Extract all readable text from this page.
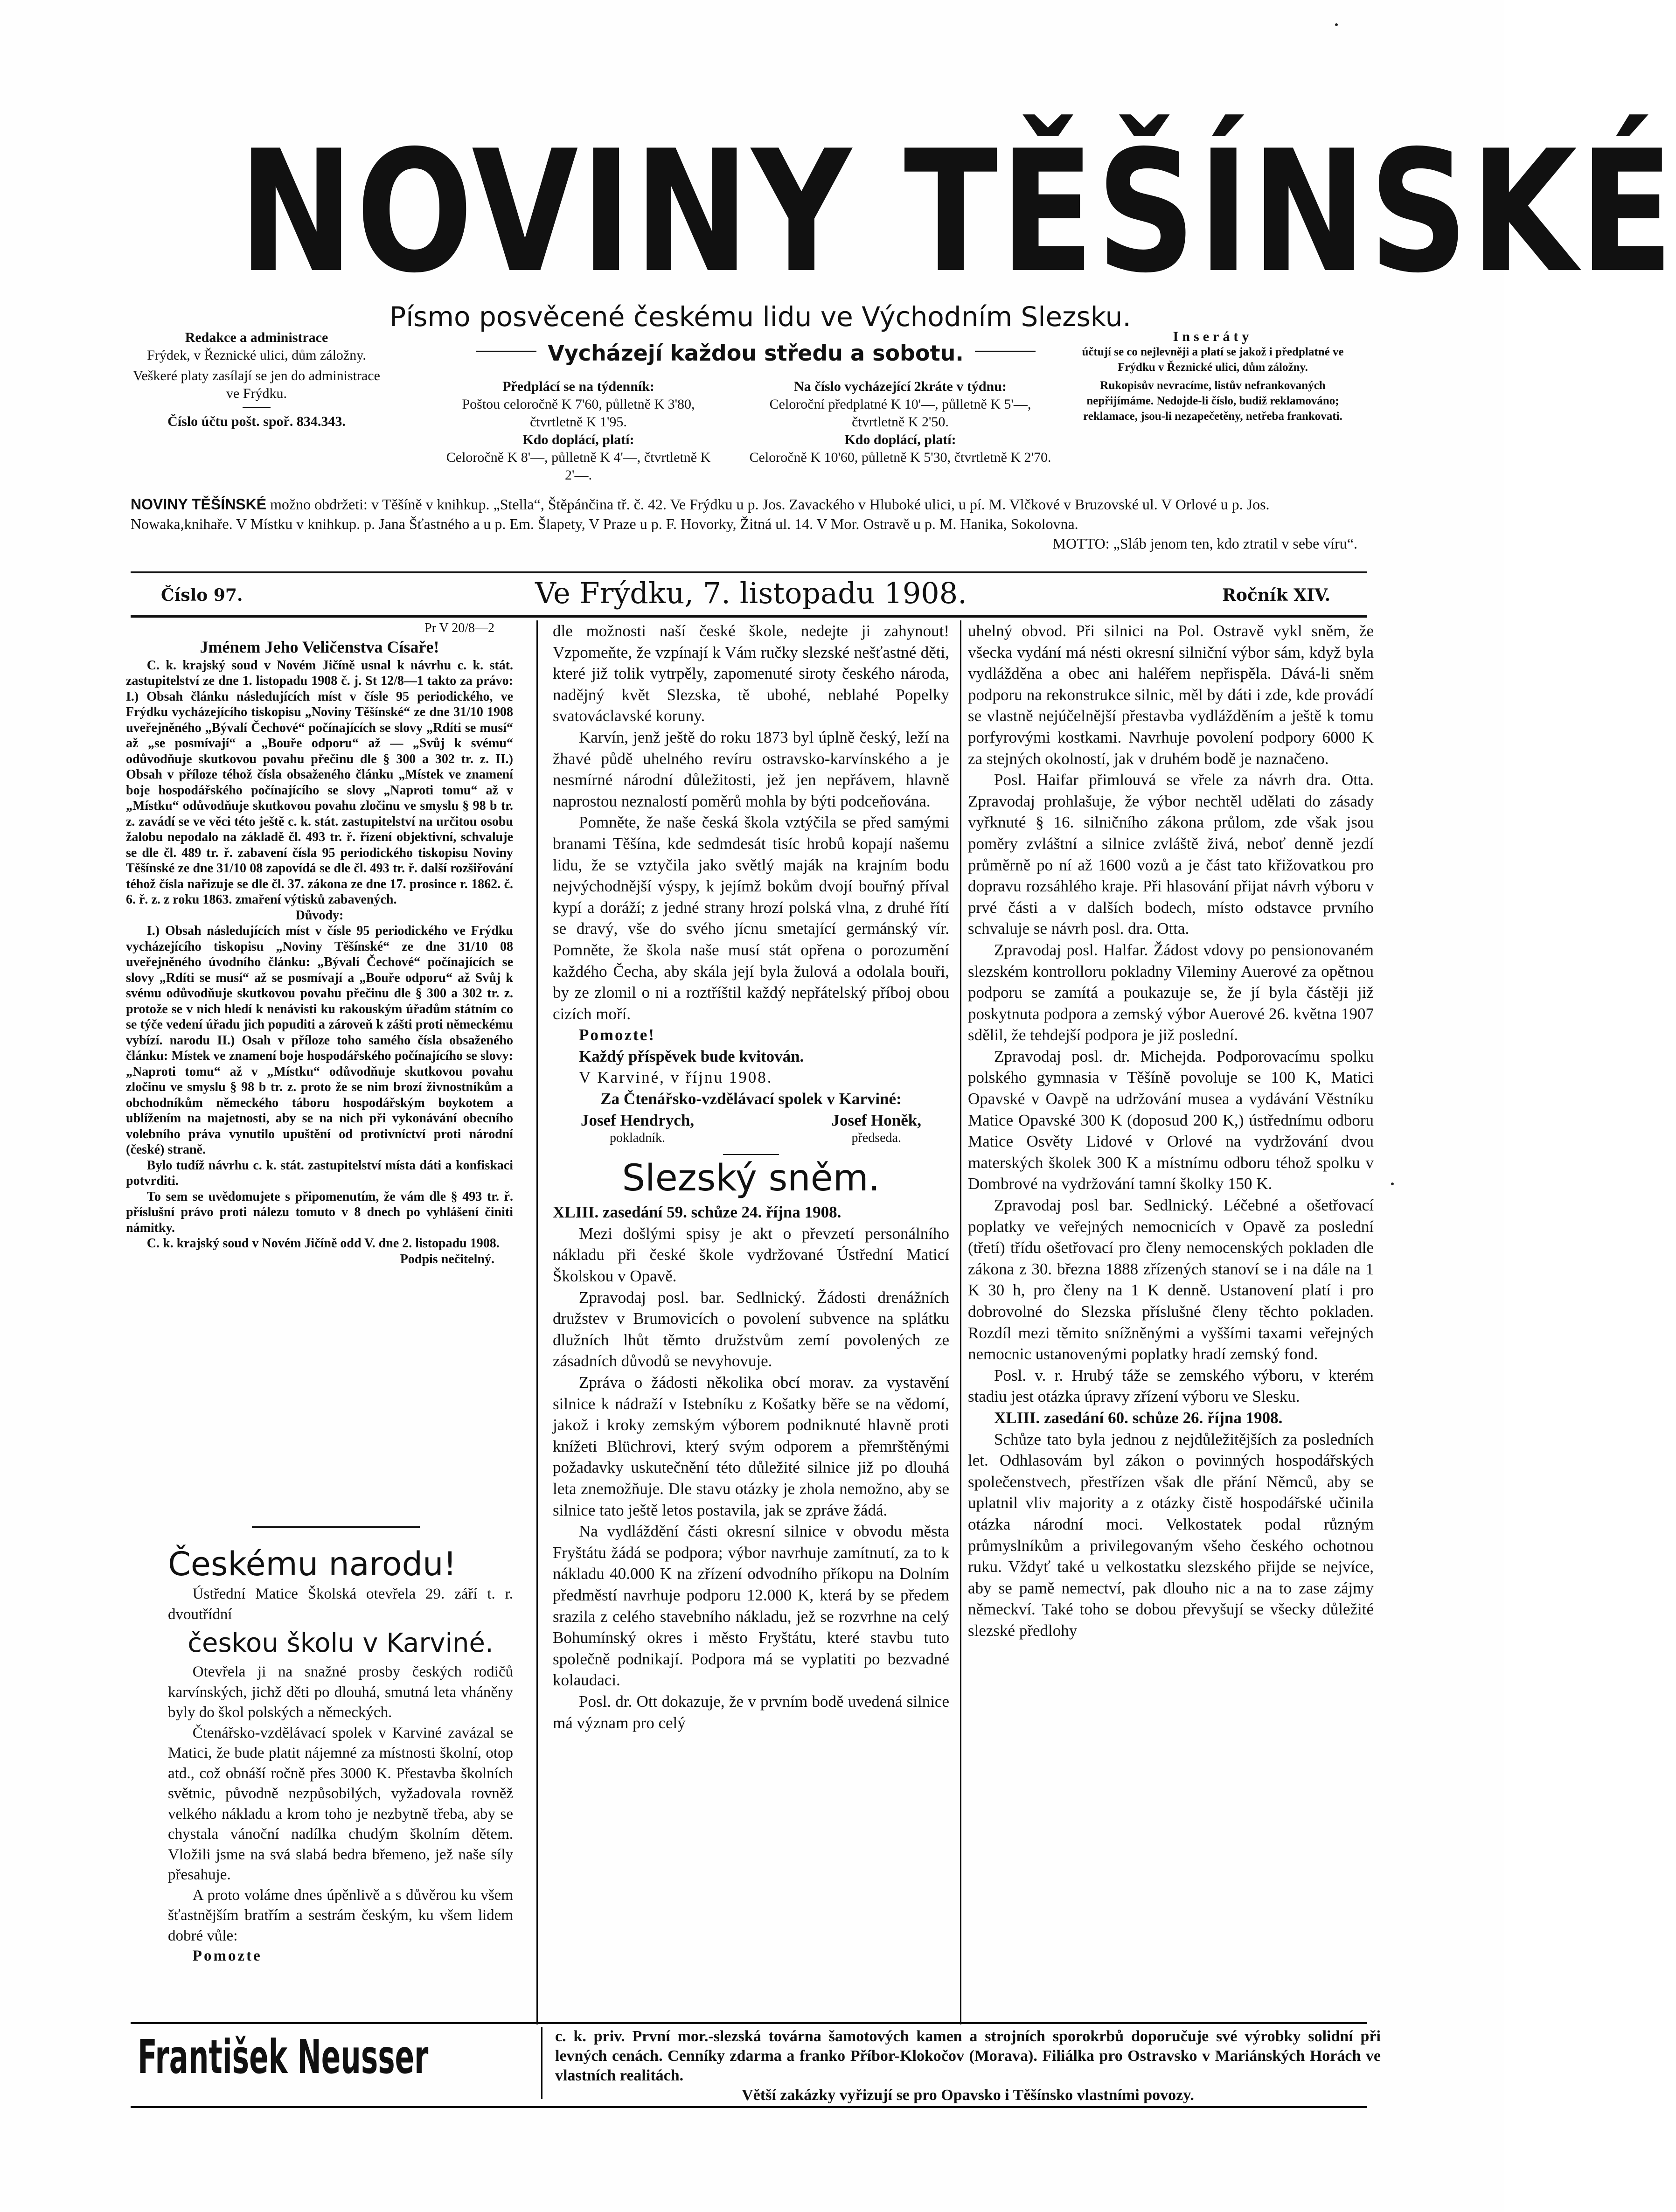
NOVINY TĚŠÍNSKÉ
Písmo posvěcené českému lidu ve Východním Slezsku.
Vycházejí každou středu a sobotu.
Redakce a administrace
Frýdek, v Řeznické ulici, dům záložny.
Veškeré platy zasílají se jen do administrace ve Frýdku.
Číslo účtu pošt. spoř. 834.343.
Předplácí se na týdenník:
Poštou celoročně K 7'60, půlletně K 3'80, čtvrtletně K 1'95.
Kdo doplácí, platí:
Celoročně K 8'—, půlletně K 4'—, čtvrtletně K 2'—.
Na číslo vycházející 2kráte v týdnu:
Celoroční předplatné K 10'—, půlletně K 5'—, čtvrtletně K 2'50.
Kdo doplácí, platí:
Celoročně K 10'60, půlletně K 5'30, čtvrtletně K 2'70.
Inseráty
účtují se co nejlevněji a platí se jakož i předplatné ve Frýdku v Řeznické ulici, dům záložny.
Rukopisův nevracíme, listův nefrankovaných nepřijímáme. Nedojde-li číslo, budiž reklamováno; reklamace, jsou-li nezapečetěny, netřeba frankovati.
NOVINY TĚŠÍNSKÉ možno obdržeti: v Těšíně v knihkup. „Stella“, Štěpánčina tř. č. 42. Ve Frýdku u p. Jos. Zavackého v Hluboké ulici, u pí. M. Vlčkové v Bruzovské ul. V Orlové u p. Jos. Nowaka,knihaře. V Místku v knihkup. p. Jana Šťastného a u p. Em. Šlapety, V Praze u p. F. Hovorky, Žitná ul. 14. V Mor. Ostravě u p. M. Hanika, Sokolovna.
MOTTO: „Sláb jenom ten, kdo ztratil v sebe víru“.
Číslo 97.	Ve Frýdku, 7. listopadu 1908.	Ročník XIV.

Pr V 20/8—2

Jménem Jeho Veličenstva Císaře!

C. k. krajský soud v Novém Jičíně usnal k návrhu c. k. stát. zastupitelství ze dne 1. listopadu 1908 č. j. St 12/8—1 takto za právo: I.) Obsah článku následujících míst v čísle 95 periodického, ve Frýdku vycházejícího tiskopisu „Noviny Těšínské“ ze dne 31/10 1908 uveřejněného „Bývalí Čechové“ počínajících se slovy „Rdíti se musí“ až „se posmívají“ a „Bouře odporu“ až — „Svůj k svému“ odůvodňuje skutkovou povahu přečinu dle § 300 a 302 tr. z. II.) Obsah v příloze téhož čísla obsaženého článku „Místek ve znamení boje hospodářského počínajícího se slovy „Naproti tomu“ až v „Místku“ odůvodňuje skutkovou povahu zločinu ve smyslu § 98 b tr. z. zavádí se ve věci této ještě c. k. stát. zastupitelství na určitou osobu žalobu nepodalo na základě čl. 493 tr. ř. řízení objektivní, schvaluje se dle čl. 489 tr. ř. zabavení čísla 95 periodického tiskopisu Noviny Těšínské ze dne 31/10 08 zapovídá se dle čl. 493 tr. ř. další rozšiřování téhož čísla nařizuje se dle čl. 37. zákona ze dne 17. prosince r. 1862. č. 6. ř. z. z roku 1863. zmaření výtisků zabavených.

Důvody:

I.) Obsah následujících míst v čísle 95 periodického ve Frýdku vycházejícího tiskopisu „Noviny Těšínské“ ze dne 31/10 08 uveřejněného úvodního článku: „Bývalí Čechové“ počínajících se slovy „Rdíti se musí“ až se posmívají a „Bouře odporu“ až Svůj k svému odůvodňuje skutkovou povahu přečinu dle § 300 a 302 tr. z. protože se v nich hledí k nenávisti ku rakouským úřadům státním co se týče vedení úřadu jich popuditi a zároveň k zášti proti německému vybízí. narodu II.) Osah v příloze toho samého čísla obsaženého článku: Místek ve znamení boje hospodářského počínajícího se slovy: „Naproti tomu“ až v „Místku“ odůvodňuje skutkovou povahu zločinu ve smyslu § 98 b tr. z. proto že se nim brozí živnostníkům a obchodníkům německého táboru hospodářským boykotem a ublížením na majetnosti, aby se na nich při vykonávání obecního volebního práva vynutilo upuštění od protivníctví proti národní (české) straně.

Bylo tudíž návrhu c. k. stát. zastupitelství místa dáti a konfiskaci potvrditi.

To sem se uvědomujete s připomenutím, že vám dle § 493 tr. ř. příslušní právo proti nálezu tomuto v 8 dnech po vyhlášení činiti námitky.

C. k. krajský soud v Novém Jičíně odd V. dne 2. listopadu 1908.

Podpis nečitelný.

Českému narodu!

Ústřední Matice Školská otevřela 29. září t. r. dvoutřídní

českou školu v Karviné.

Otevřela ji na snažné prosby českých rodičů karvínských, jichž děti po dlouhá, smutná leta vháněny byly do škol polských a německých.

Čtenářsko-vzdělávací spolek v Karviné zavázal se Matici, že bude platit nájemné za místnosti školní, otop atd., což obnáší ročně přes 3000 K. Přestavba školních světnic, původně nezpůsobilých, vyžadovala rovněž velkého nákladu a krom toho je nezbytně třeba, aby se chystala vánoční nadílka chudým školním dětem. Vložili jsme na svá slabá bedra břemeno, jež naše síly přesahuje.

A proto voláme dnes úpěnlivě a s důvěrou ku všem šťastnějším bratřím a sestrám českým, ku všem lidem dobré vůle:

Pomozte

dle možnosti naší české škole, nedejte ji zahynout! Vzpomeňte, že vzpínají k Vám ručky slezské nešťastné děti, které již tolik vytrpěly, zapomenuté siroty českého národa, nadějný květ Slezska, tě ubohé, neblahé Popelky svatováclavské koruny.

Karvín, jenž ještě do roku 1873 byl úplně český, leží na žhavé půdě uhelného revíru ostravsko-karvínského a je nesmírné národní důležitosti, jež jen nepřávem, hlavně naprostou neznalostí poměrů mohla by býti podceňována.

Pomněte, že naše česká škola vztýčila se před samými branami Těšína, kde sedmdesát tisíc hrobů kopají našemu lidu, že se vztyčila jako světlý maják na krajním bodu nejvýchodnější výspy, k jejímž bokům dvojí bouřný příval kypí a doráží; z jedné strany hrozí polská vlna, z druhé řítí se dravý, vše do svého jícnu smetající germánský vír. Pomněte, že škola naše musí stát opřena o porozumění každého Čecha, aby skála její byla žulová a odolala bouři, by ze zlomil o ni a roztříštil každý nepřátelský příboj obou cizích moří.

Pomozte!

Každý příspěvek bude kvitován.

V Karviné, v říjnu 1908.

Za Čtenářsko-vzdělávací spolek v Karviné:

Josef Hendrych,
pokladník.
Josef Honěk,
předseda.

Slezský sněm.

XLIII. zasedání 59. schůze 24. října 1908.

Mezi došlými spisy je akt o převzetí personálního nákladu při české škole vydržované Ústřední Maticí Školskou v Opavě.

Zpravodaj posl. bar. Sedlnický. Žádosti drenážních družstev v Brumovicích o povolení subvence na splátku dlužních lhůt těmto družstvům zemí povolených ze zásadních důvodů se nevyhovuje.

Zpráva o žádosti několika obcí morav. za vystavění silnice k nádraží v Istebníku z Košatky běře se na vědomí, jakož i kroky zemským výborem podniknuté hlavně proti knížeti Blüchrovi, který svým odporem a přemrštěnými požadavky uskutečnění této důležité silnice již po dlouhá leta znemožňuje. Dle stavu otázky je zhola nemožno, aby se silnice tato ještě letos postavila, jak se zpráve žádá.

Na vydláždění části okresní silnice v obvodu města Fryštátu žádá se podpora; výbor navrhuje zamítnutí, za to k nákladu 40.000 K na zřízení odvodního příkopu na Dolním předměstí navrhuje podporu 12.000 K, která by se předem srazila z celého stavebního nákladu, jež se rozvrhne na celý Bohumínský okres i město Fryštátu, které stavbu tuto společně podnikají. Podpora má se vyplatiti po bezvadné kolaudaci.

Posl. dr. Ott dokazuje, že v prvním bodě uvedená silnice má význam pro celý

uhelný obvod. Při silnici na Pol. Ostravě vykl sněm, že všecka vydání má nésti okresní silniční výbor sám, když byla vydlážděna a obec ani haléřem nepřispěla. Dává-li sněm podporu na rekonstrukce silnic, měl by dáti i zde, kde provádí se vlastně nejúčelnější přestavba vydlážděním a ještě k tomu porfyrovými kostkami. Navrhuje povolení podpory 6000 K za stejných okolností, jak v druhém bodě je naznačeno.

Posl. Haifar přimlouvá se vřele za návrh dra. Otta. Zpravodaj prohlašuje, že výbor nechtěl udělati do zásady vyřknuté § 16. silničního zákona průlom, zde však jsou poměry zvláštní a silnice zvláště živá, neboť denně jezdí průměrně po ní až 1600 vozů a je část tato křižovatkou pro dopravu rozsáhlého kraje. Při hlasování přijat návrh výboru v prvé části a v dalších bodech, místo odstavce prvního schvaluje se návrh posl. dra. Otta.

Zpravodaj posl. Halfar. Žádost vdovy po pensionovaném slezském kontrolloru pokladny Vileminy Auerové za opětnou podporu se zamítá a poukazuje se, že jí byla částěji již poskytnuta podpora a zemský výbor Auerové 26. května 1907 sdělil, že tehdejší podpora je již poslední.

Zpravodaj posl. dr. Michejda. Podporovacímu spolku polského gymnasia v Těšíně povoluje se 100 K, Matici Opavské v Oavpě na udržování musea a vydávání Věstníku Matice Opavské 300 K (doposud 200 K,) ústřednímu odboru Matice Osvěty Lidové v Orlové na vydržování dvou materských školek 300 K a místnímu odboru téhož spolku v Dombrové na vydržování tamní školky 150 K.

Zpravodaj posl bar. Sedlnický. Léčebné a ošetřovací poplatky ve veřejných nemocnicích v Opavě za poslední (třetí) třídu ošetřovací pro členy nemocenských pokladen dle zákona z 30. března 1888 zřízených stanoví se i na dále na 1 K 30 h, pro členy na 1 K denně. Ustanovení platí i pro dobrovolné do Slezska příslušné členy těchto pokladen. Rozdíl mezi těmito snížněnými a vyššími taxami veřejných nemocnic ustanovenými poplatky hradí zemský fond.

Posl. v. r. Hrubý táže se zemského výboru, v kterém stadiu jest otázka úpravy zřízení výboru ve Slesku.

XLIII. zasedání 60. schůze 26. října 1908.

Schůze tato byla jednou z nejdůležitějších za posledních let. Odhlasovám byl zákon o povinných hospodářských společenstvech, přestřízen však dle přání Němců, aby se uplatnil vliv majority a z otázky čistě hospodářské učinila otázka národní moci. Velkostatek podal různým průmyslníkům a privilegovaným všeho českého ochotnou ruku. Vždyť také u velkostatku slezského přijde se nejvíce, aby se pamě nemectví, pak dlouho nic a na to zase zájmy německví. Také toho se dobou převyšují se všecky důležité slezské předlohy

František Neusser	c. k. priv. První mor.-slezská továrna šamotových kamen a strojních sporokrbů doporučuje své výrobky solidní při levných cenách. Cenníky zdarma a franko Příbor-Klokočov (Morava). Filiálka pro Ostravsko v Mariánských Horách ve vlastních realitách.

Větší zakázky vyřizují se pro Opavsko i Těšínsko vlastními povozy.
